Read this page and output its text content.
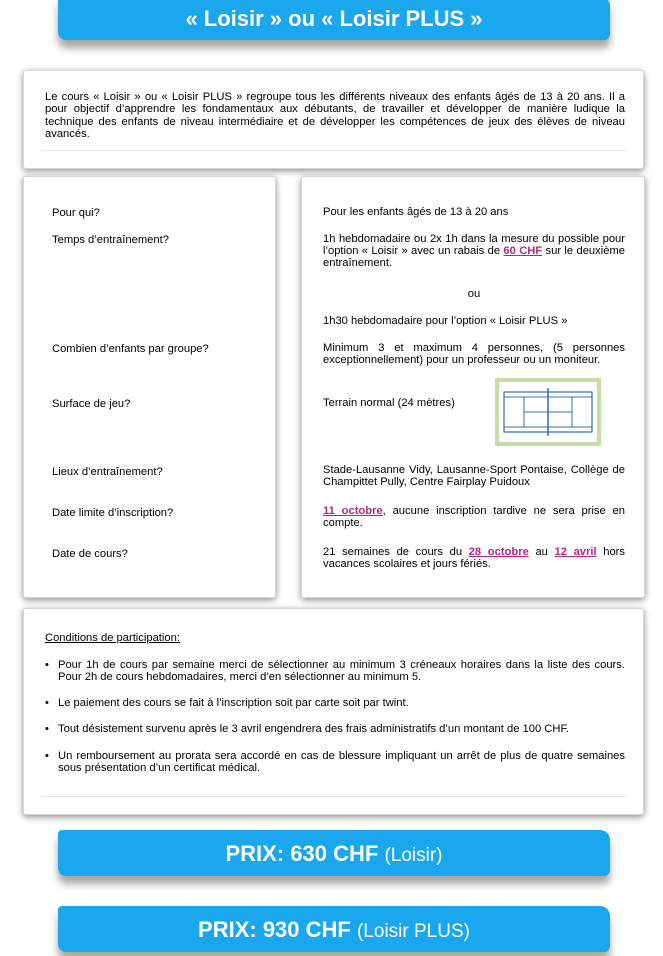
« Loisir » ou « Loisir PLUS »

Le cours « Loisir » ou « Loisir PLUS » regroupe tous les différents niveaux des enfants âgés de 13 à 20 ans. Il a pour objectif d’apprendre les fondamentaux aux débutants, de travailler et développer de manière ludique la technique des enfants de niveau intermédiaire et de développer les compétences de jeux des élèves de niveau avancés.

Pour qui?
Temps d’entraînement?
Combien d’enfants par groupe?
Surface de jeu?
Lieux d’entraînement?
Date limite d’inscription?
Date de cours?
Pour les enfants âgés de 13 à 20 ans
1h hebdomadaire ou 2x 1h dans la mesure du possible pour l’option « Loisir » avec un rabais de 60 CHF sur le deuxième entraînement.
ou
1h30 hebdomadaire pour l’option « Loisir PLUS »
Minimum 3 et maximum 4 personnes, (5 personnes exceptionnellement) pour un professeur ou un moniteur.
Terrain normal (24 mètres)
Stade-Lausanne Vidy, Lausanne-Sport Pontaise, Collège de Champittet Pully, Centre Fairplay Puidoux
11 octobre, aucune inscription tardive ne sera prise en compte.
21 semaines de cours du 28 octobre au 12 avril hors vacances scolaires et jours fériés.
Conditions de participation:
• Pour 1h de cours par semaine merci de sélectionner au minimum 3 créneaux horaires dans la liste des cours. Pour 2h de cours hebdomadaires, merci d’en sélectionner au minimum 5.
• Le paiement des cours se fait à l’inscription soit par carte soit par twint.
• Tout désistement survenu après le 3 avril engendrera des frais administratifs d’un montant de 100 CHF.
• Un remboursement au prorata sera accordé en cas de blessure impliquant un arrêt de plus de quatre semaines sous présentation d’un certificat médical.
PRIX: 630 CHF (Loisir)
PRIX: 930 CHF (Loisir PLUS)
